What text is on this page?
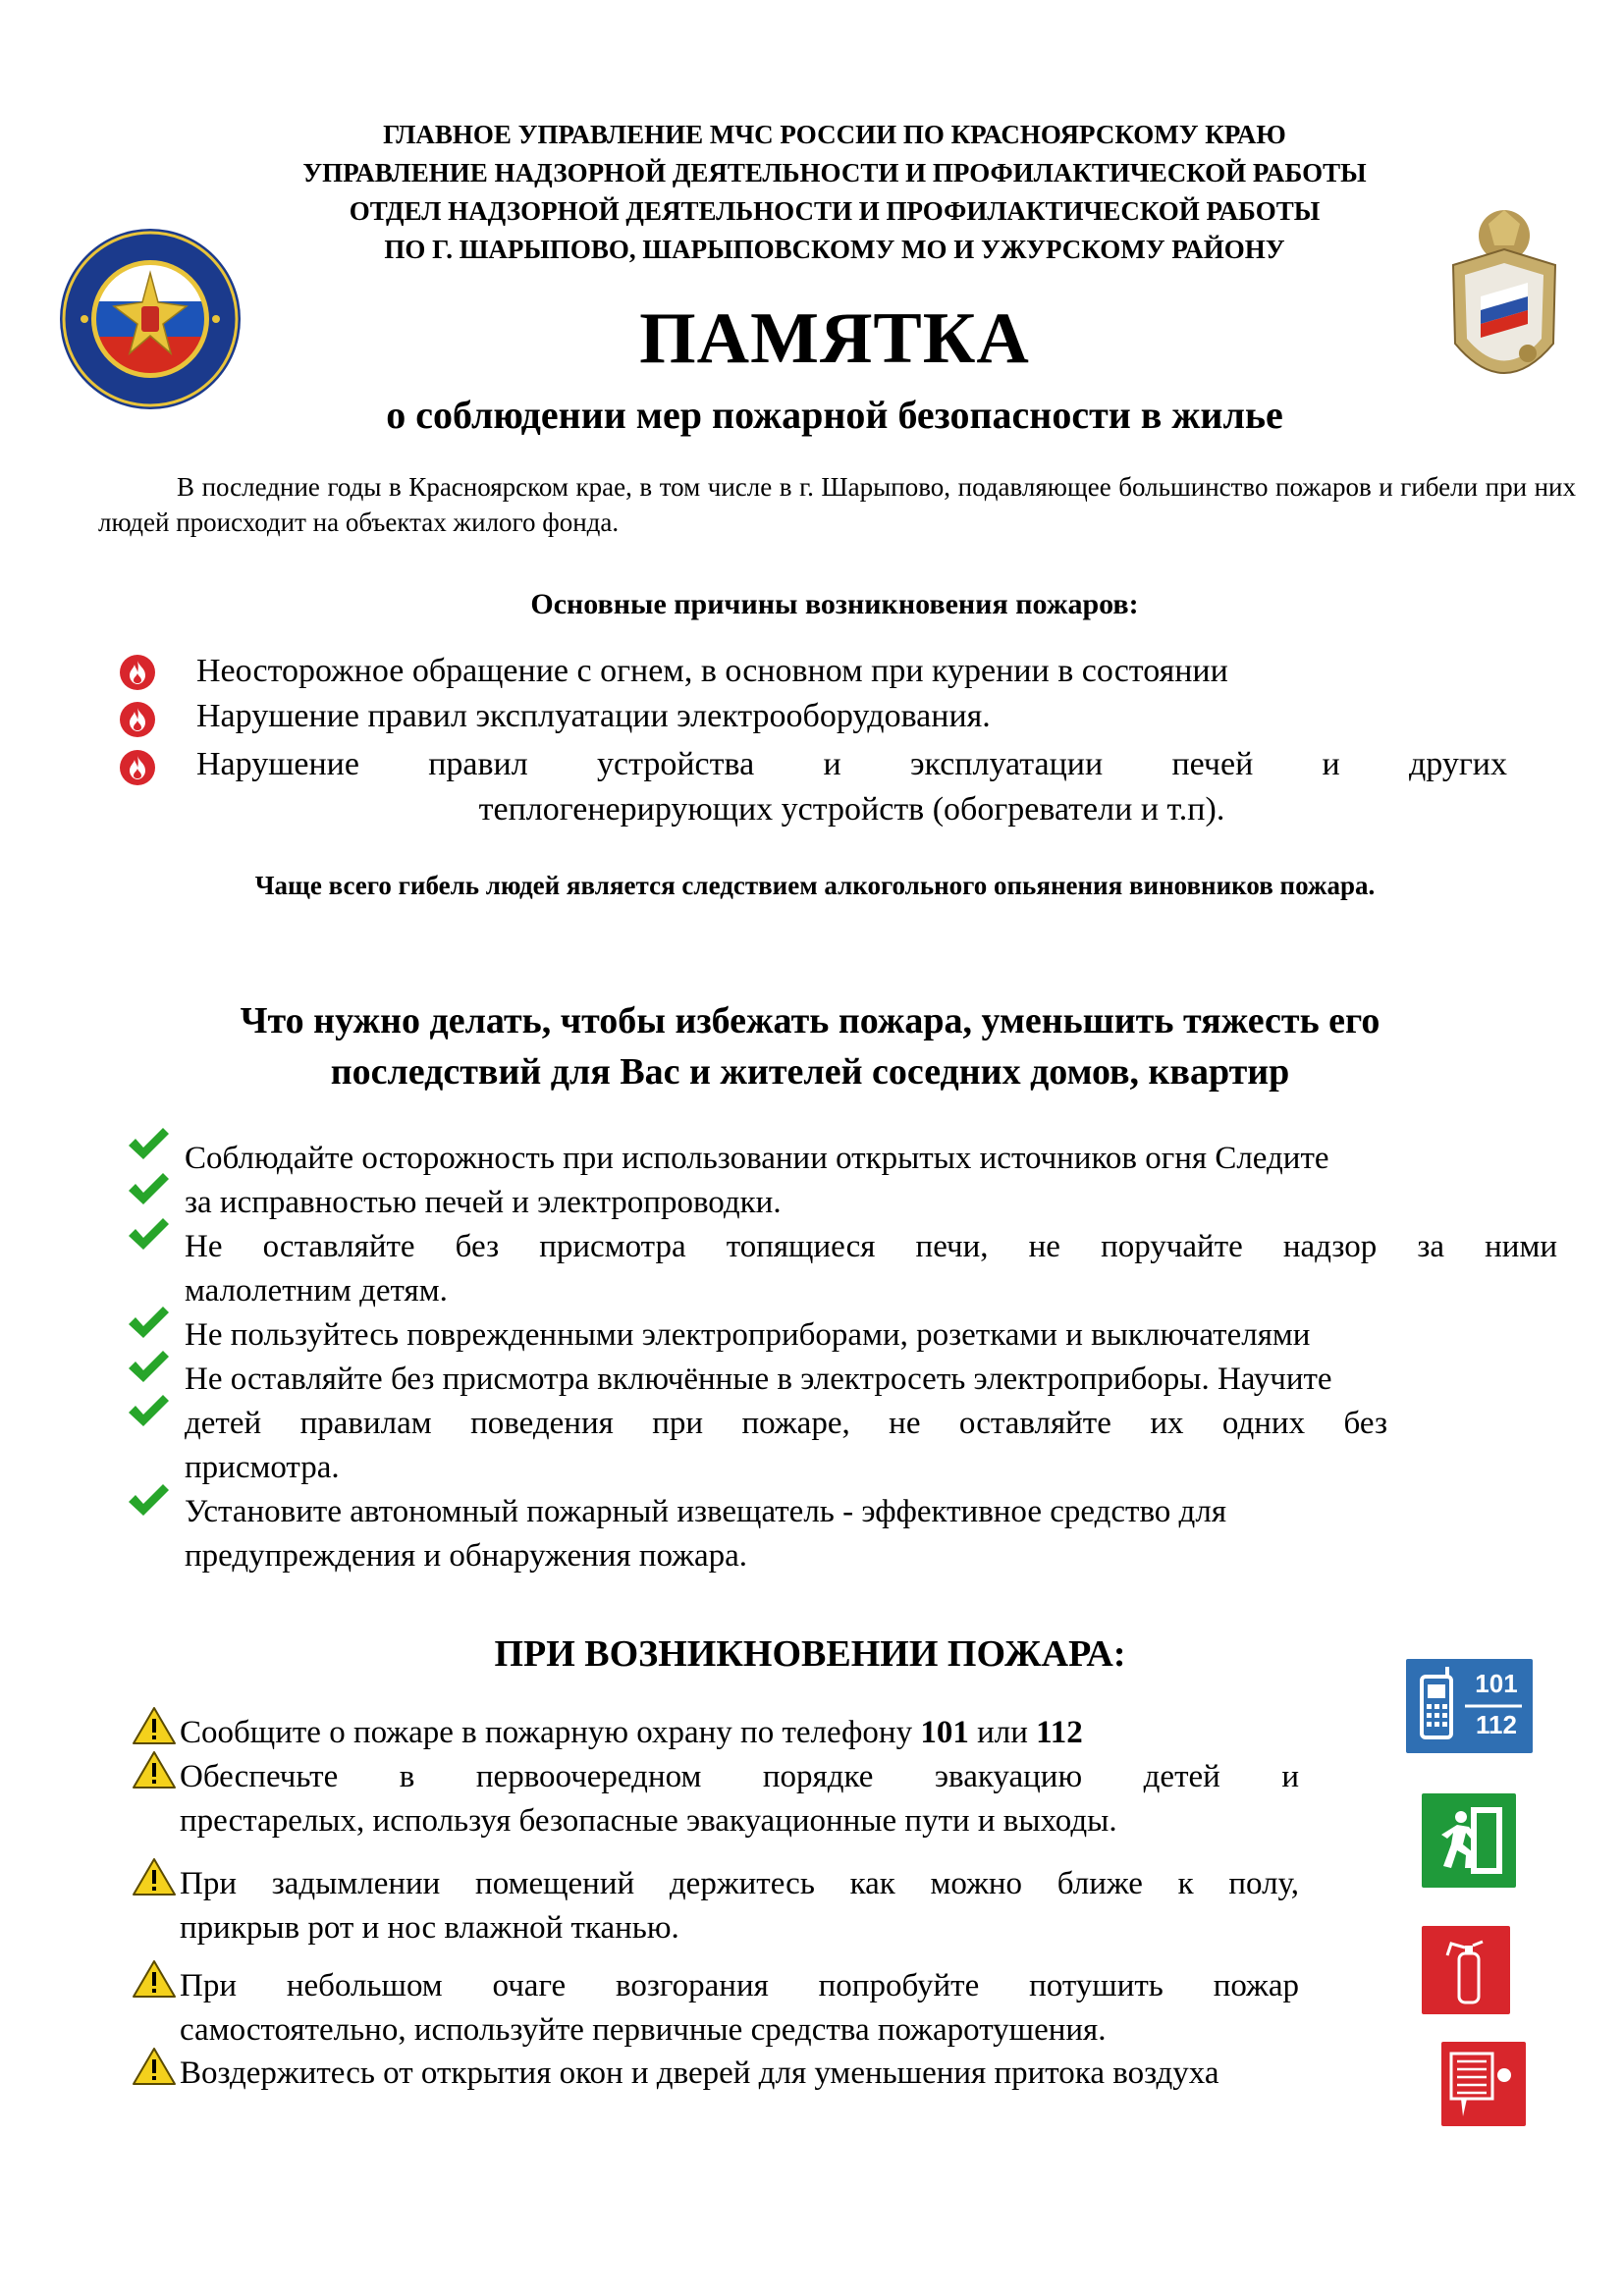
ГЛАВНОЕ УПРАВЛЕНИЕ МЧС РОССИИ ПО КРАСНОЯРСКОМУ КРАЮ
УПРАВЛЕНИЕ НАДЗОРНОЙ ДЕЯТЕЛЬНОСТИ И ПРОФИЛАКТИЧЕСКОЙ РАБОТЫ
ОТДЕЛ НАДЗОРНОЙ ДЕЯТЕЛЬНОСТИ И ПРОФИЛАКТИЧЕСКОЙ РАБОТЫ
ПО Г. ШАРЫПОВО, ШАРЫПОВСКОМУ МО И УЖУРСКОМУ РАЙОНУ
ПАМЯТКА
о соблюдении мер пожарной безопасности в жилье
В последние годы в Красноярском крае, в том числе в г. Шарыпово, подавляющее большинство пожаров и гибели при них людей происходит на объектах жилого фонда.
Основные причины возникновения пожаров:
Неосторожное обращение с огнем, в основном при курении в состоянии
Нарушение правил эксплуатации электрооборудования.
Нарушение правил устройства и эксплуатации печей и других
теплогенерирующих устройств (обогреватели и т.п).
Чаще всего гибель людей является следствием алкогольного опьянения виновников пожара.
Что нужно делать, чтобы избежать пожара, уменьшить тяжесть его
последствий для Вас и жителей соседних домов, квартир
Соблюдайте осторожность при использовании открытых источников огня Следите
за исправностью печей и электропроводки.
Не оставляйте без присмотра топящиеся печи, не поручайте надзор за ними
малолетним детям.
Не пользуйтесь поврежденными электроприборами, розетками и выключателями
Не оставляйте без присмотра включённые в электросеть электроприборы. Научите
детей правилам поведения при пожаре, не оставляйте их одних без
присмотра.
Установите автономный пожарный извещатель - эффективное средство для
предупреждения и обнаружения пожара.
ПРИ ВОЗНИКНОВЕНИИ ПОЖАРА:
Сообщите о пожаре в пожарную охрану по телефону 101 или 112
Обеспечьте в первоочередном порядке эвакуацию детей и
престарелых, используя безопасные эвакуационные пути и выходы.
При задымлении помещений держитесь как можно ближе к полу,
прикрыв рот и нос влажной тканью.
При небольшом очаге возгорания попробуйте потушить пожар
самостоятельно, используйте первичные средства пожаротушения.
Воздержитесь от открытия окон и дверей для уменьшения притока воздуха
101
112
